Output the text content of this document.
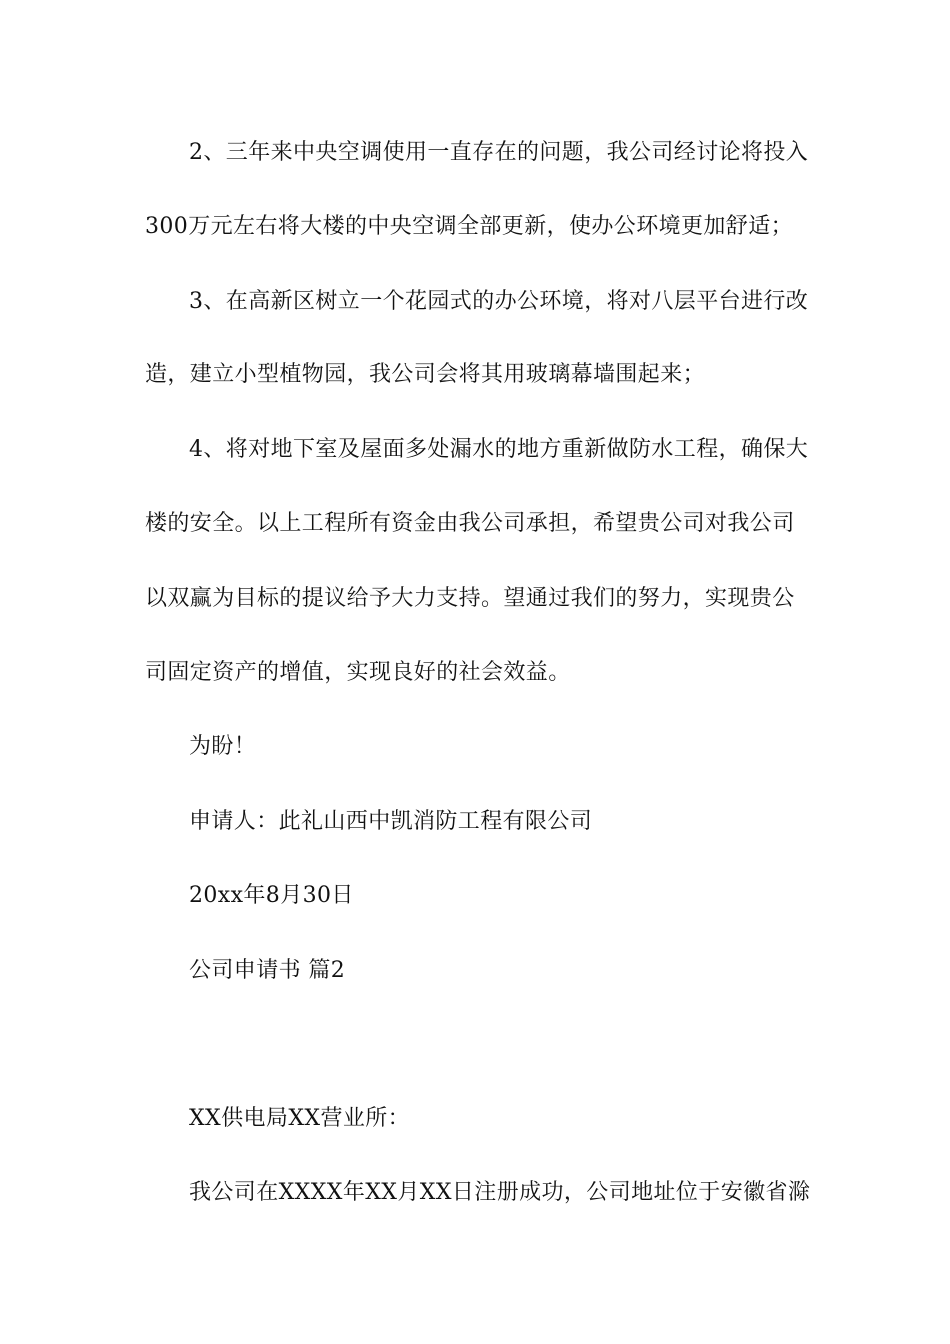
2、三年来中央空调使用一直存在的问题，我公司经讨论将投入
300万元左右将大楼的中央空调全部更新，使办公环境更加舒适；
3、在高新区树立一个花园式的办公环境，将对八层平台进行改
造，建立小型植物园，我公司会将其用玻璃幕墙围起来；
4、将对地下室及屋面多处漏水的地方重新做防水工程，确保大
楼的安全。以上工程所有资金由我公司承担，希望贵公司对我公司
以双赢为目标的提议给予大力支持。望通过我们的努力，实现贵公
司固定资产的增值，实现良好的社会效益。
为盼！
申请人：此礼山西中凯消防工程有限公司
20xx年8月30日
公司申请书 篇2
XX供电局XX营业所：
我公司在XXXX年XX月XX日注册成功，公司地址位于安徽省滁
